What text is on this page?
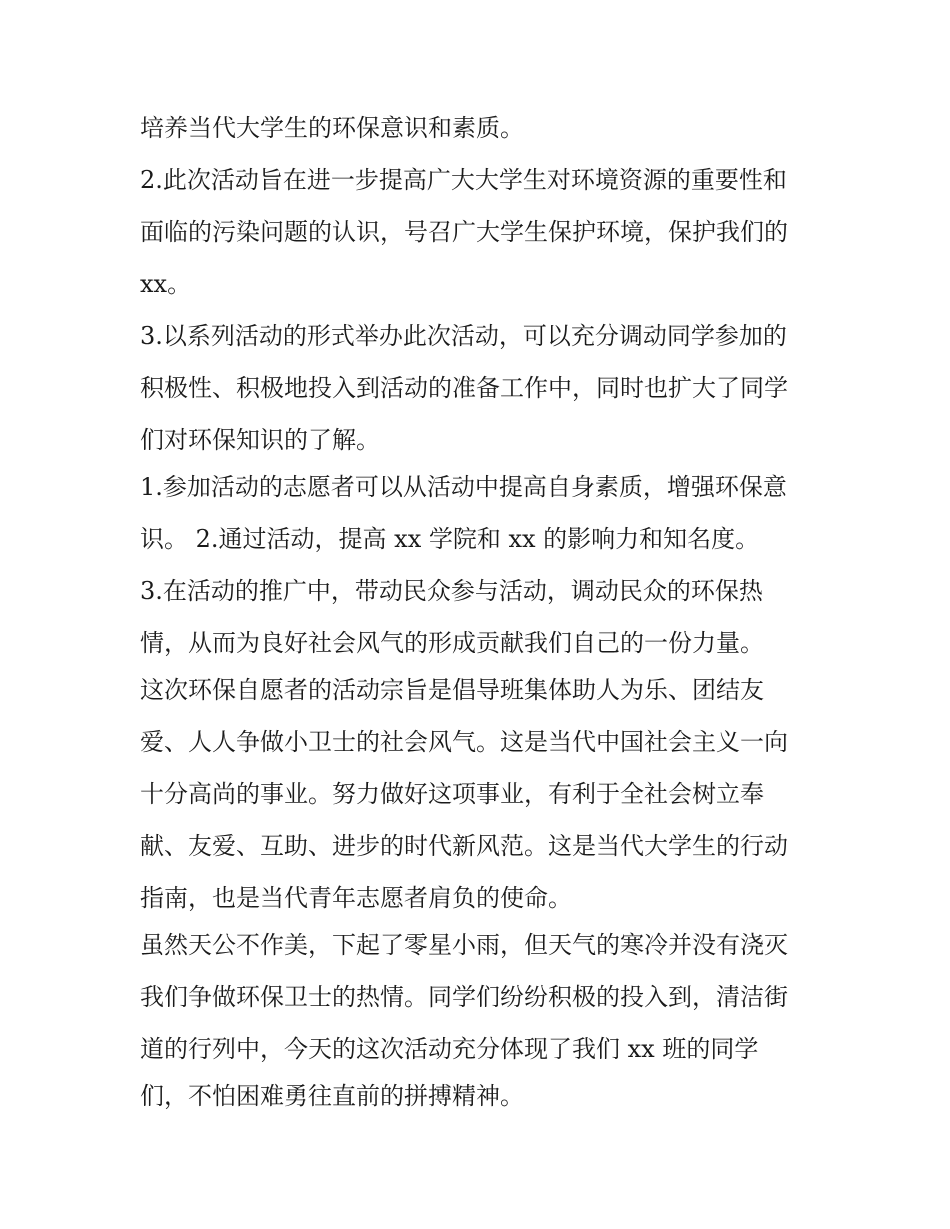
培养当代大学生的环保意识和素质。
2.此次活动旨在进一步提高广大大学生对环境资源的重要性和
面临的污染问题的认识，号召广大学生保护环境，保护我们的
xx。
3.以系列活动的形式举办此次活动，可以充分调动同学参加的
积极性、积极地投入到活动的准备工作中，同时也扩大了同学
们对环保知识的了解。
1.参加活动的志愿者可以从活动中提高自身素质，增强环保意
识。 2.通过活动，提高 xx 学院和 xx 的影响力和知名度。
3.在活动的推广中，带动民众参与活动，调动民众的环保热
情，从而为良好社会风气的形成贡献我们自己的一份力量。
这次环保自愿者的活动宗旨是倡导班集体助人为乐、团结友
爱、人人争做小卫士的社会风气。这是当代中国社会主义一向
十分高尚的事业。努力做好这项事业，有利于全社会树立奉
献、友爱、互助、进步的时代新风范。这是当代大学生的行动
指南，也是当代青年志愿者肩负的使命。
虽然天公不作美，下起了零星小雨，但天气的寒冷并没有浇灭
我们争做环保卫士的热情。同学们纷纷积极的投入到，清洁街
道的行列中，今天的这次活动充分体现了我们 xx 班的同学
们，不怕困难勇往直前的拼搏精神。
